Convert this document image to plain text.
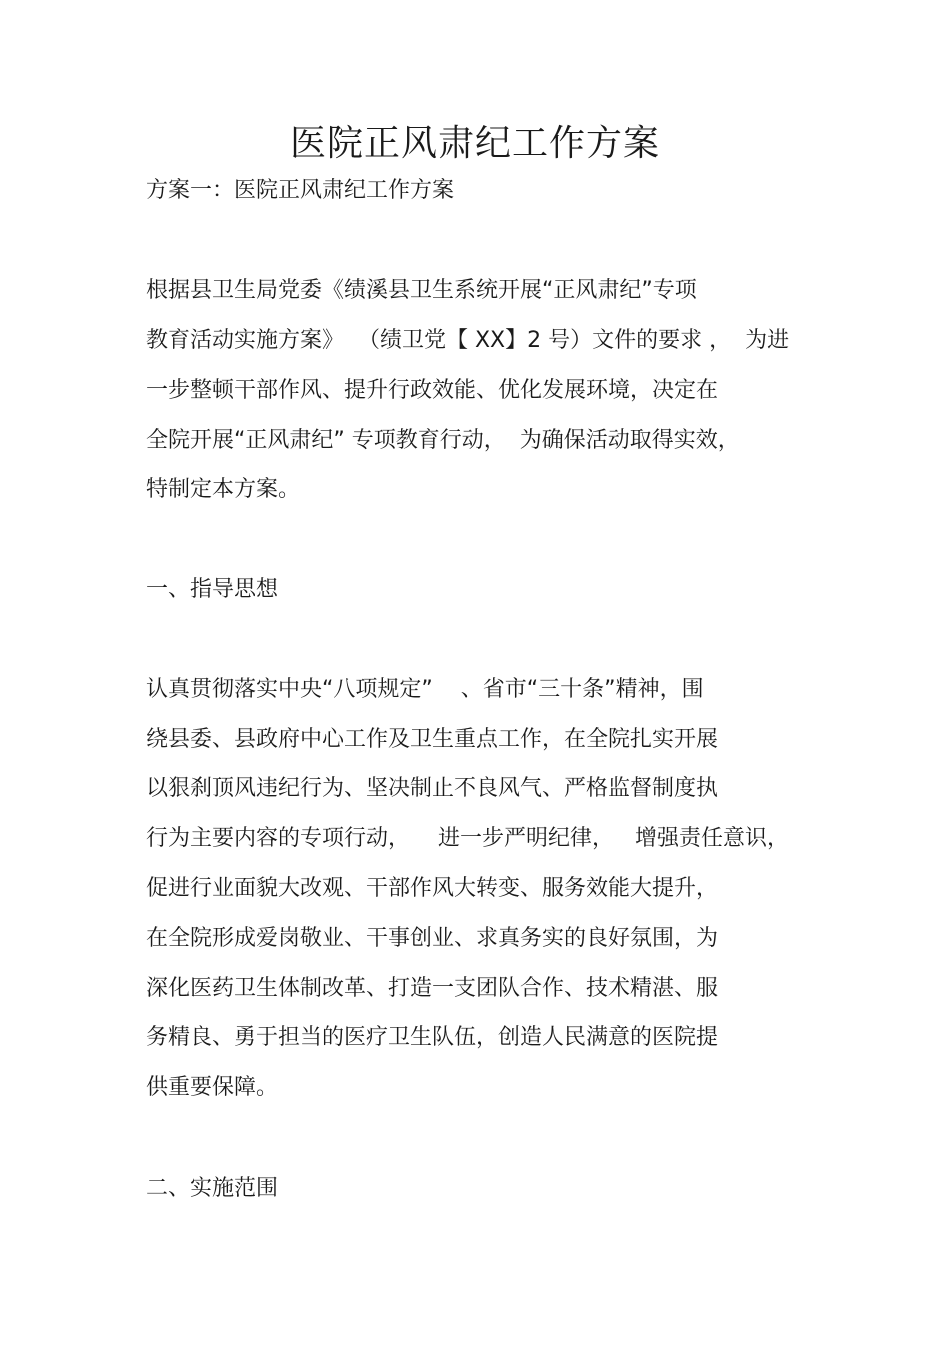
医院正风肃纪工作方案
方案一：医院正风肃纪工作方案
根据县卫生局党委《绩溪县卫生系统开展“正风肃纪”专项
教育活动实施方案》  （绩卫党【 XX】2 号）文件的要求 ，  为进
一步整顿干部作风、提升行政效能、优化发展环境，决定在
全院开展“正风肃纪” 专项教育行动，  为确保活动取得实效，
特制定本方案。
一、指导思想
认真贯彻落实中央“八项规定”    、省市“三十条”精神，围
绕县委、县政府中心工作及卫生重点工作，在全院扎实开展
以狠刹顶风违纪行为、坚决制止不良风气、严格监督制度执
行为主要内容的专项行动，    进一步严明纪律，   增强责任意识，
促进行业面貌大改观、干部作风大转变、服务效能大提升，
在全院形成爱岗敬业、干事创业、求真务实的良好氛围，为
深化医药卫生体制改革、打造一支团队合作、技术精湛、服
务精良、勇于担当的医疗卫生队伍，创造人民满意的医院提
供重要保障。
二、实施范围
